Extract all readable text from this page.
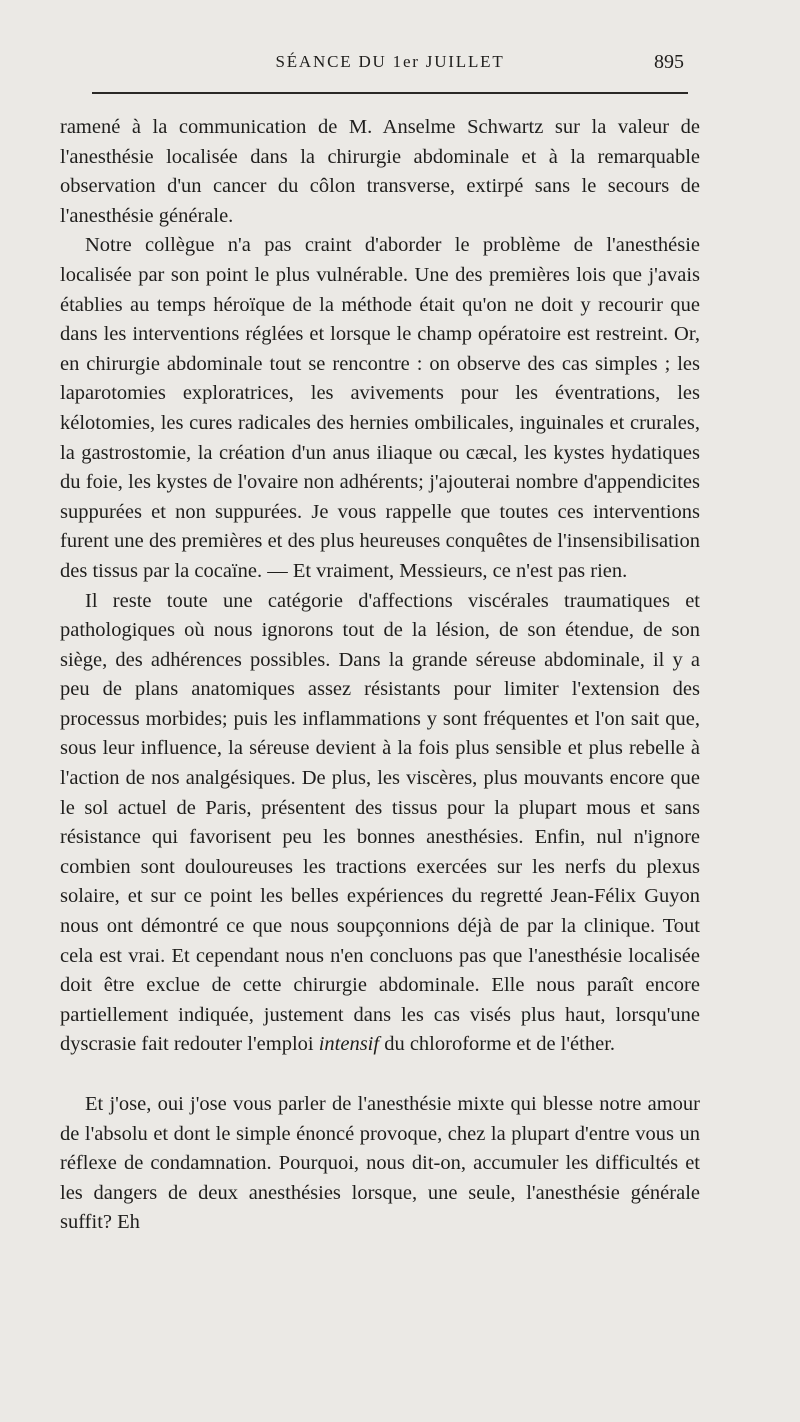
SÉANCE DU 1er JUILLET	895

ramené à la communication de M. Anselme Schwartz sur la valeur de l'anesthésie localisée dans la chirurgie abdominale et à la remarquable observation d'un cancer du côlon transverse, extirpé sans le secours de l'anesthésie générale.

Notre collègue n'a pas craint d'aborder le problème de l'anesthésie localisée par son point le plus vulnérable. Une des premières lois que j'avais établies au temps héroïque de la méthode était qu'on ne doit y recourir que dans les interventions réglées et lorsque le champ opératoire est restreint. Or, en chirurgie abdominale tout se rencontre : on observe des cas simples ; les laparotomies exploratrices, les avivements pour les éventrations, les kélotomies, les cures radicales des hernies ombilicales, inguinales et crurales, la gastrostomie, la création d'un anus iliaque ou cæcal, les kystes hydatiques du foie, les kystes de l'ovaire non adhérents; j'ajouterai nombre d'appendicites suppurées et non suppurées. Je vous rappelle que toutes ces interventions furent une des premières et des plus heureuses conquêtes de l'insensibilisation des tissus par la cocaïne. — Et vraiment, Messieurs, ce n'est pas rien.

Il reste toute une catégorie d'affections viscérales traumatiques et pathologiques où nous ignorons tout de la lésion, de son étendue, de son siège, des adhérences possibles. Dans la grande séreuse abdominale, il y a peu de plans anatomiques assez résistants pour limiter l'extension des processus morbides; puis les inflammations y sont fréquentes et l'on sait que, sous leur influence, la séreuse devient à la fois plus sensible et plus rebelle à l'action de nos analgésiques. De plus, les viscères, plus mouvants encore que le sol actuel de Paris, présentent des tissus pour la plupart mous et sans résistance qui favorisent peu les bonnes anesthésies. Enfin, nul n'ignore combien sont douloureuses les tractions exercées sur les nerfs du plexus solaire, et sur ce point les belles expériences du regretté Jean-Félix Guyon nous ont démontré ce que nous soupçonnions déjà de par la clinique. Tout cela est vrai. Et cependant nous n'en concluons pas que l'anesthésie localisée doit être exclue de cette chirurgie abdominale. Elle nous paraît encore partiellement indiquée, justement dans les cas visés plus haut, lorsqu'une dyscrasie fait redouter l'emploi intensif du chloroforme et de l'éther.

Et j'ose, oui j'ose vous parler de l'anesthésie mixte qui blesse notre amour de l'absolu et dont le simple énoncé provoque, chez la plupart d'entre vous un réflexe de condamnation. Pourquoi, nous dit-on, accumuler les difficultés et les dangers de deux anesthésies lorsque, une seule, l'anesthésie générale suffit? Eh
